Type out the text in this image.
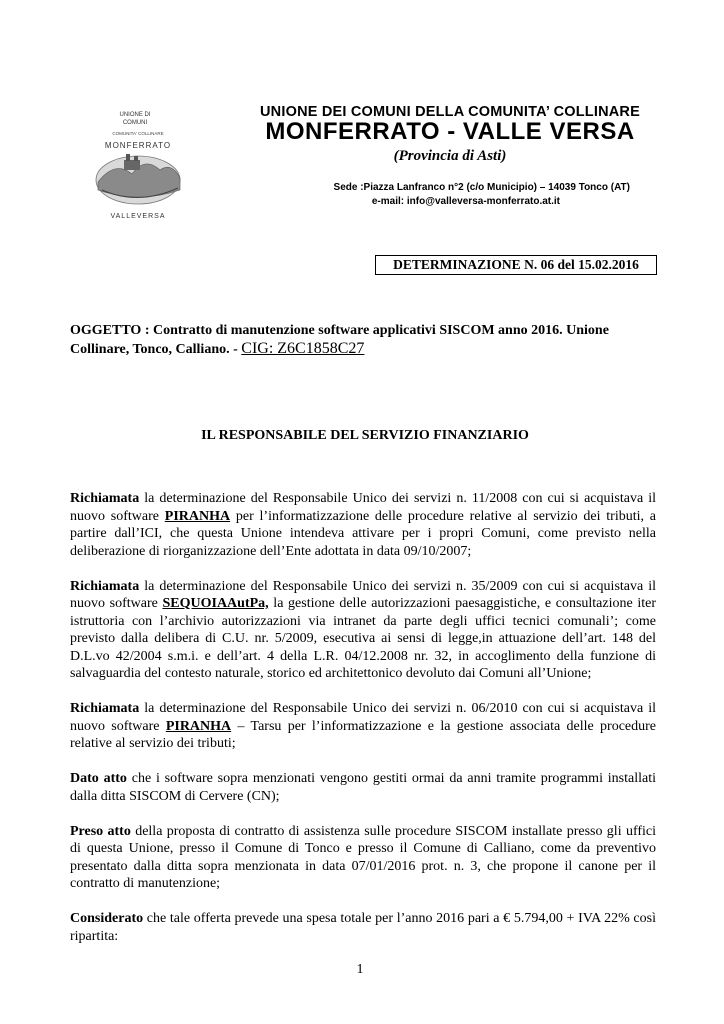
UNIONE DI
COMUNI
COMUNITA' COLLINARE
MONFERRATO
VALLEVERSA
UNIONE DEI COMUNI DELLA COMUNITA’ COLLINARE
MONFERRATO - VALLE VERSA
(Provincia di Asti)
Sede :Piazza Lanfranco n°2 (c/o Municipio) – 14039 Tonco (AT)
e-mail: info@valleversa-monferrato.at.it
DETERMINAZIONE N. 06 del 15.02.2016
OGGETTO : Contratto di manutenzione software applicativi SISCOM anno 2016. Unione Collinare, Tonco, Calliano. - CIG: Z6C1858C27
IL RESPONSABILE DEL SERVIZIO FINANZIARIO

Richiamata la determinazione del Responsabile Unico dei servizi n. 11/2008 con cui si acquistava il nuovo software PIRANHA per l’informatizzazione delle procedure relative al servizio dei tributi, a partire dall’ICI, che questa Unione intendeva attivare per i propri Comuni, come previsto nella deliberazione di riorganizzazione dell’Ente adottata in data 09/10/2007;

Richiamata la determinazione del Responsabile Unico dei servizi n. 35/2009 con cui si acquistava il nuovo software SEQUOIAAutPa, la gestione delle autorizzazioni paesaggistiche, e consultazione iter istruttoria con l’archivio autorizzazioni via intranet da parte degli uffici tecnici comunali’; come previsto dalla delibera di C.U. nr. 5/2009, esecutiva ai sensi di legge,in attuazione dell’art. 148 del D.L.vo 42/2004 s.m.i. e dell’art. 4 della L.R. 04/12.2008 nr. 32, in accoglimento della funzione di salvaguardia del contesto naturale, storico ed architettonico devoluto dai Comuni all’Unione;

Richiamata la determinazione del Responsabile Unico dei servizi n. 06/2010 con cui si acquistava il nuovo software PIRANHA – Tarsu per l’informatizzazione e la gestione associata delle procedure relative al servizio dei tributi;

Dato atto che i software sopra menzionati vengono gestiti ormai da anni tramite programmi installati dalla ditta SISCOM di Cervere (CN);

Preso atto della proposta di contratto di assistenza sulle procedure SISCOM installate presso gli uffici di questa Unione, presso il Comune di Tonco e presso il Comune di Calliano, come da preventivo presentato dalla ditta sopra menzionata in data 07/01/2016 prot. n. 3, che propone il canone per il contratto di manutenzione;

Considerato che tale offerta prevede una spesa totale per l’anno 2016 pari a € 5.794,00 + IVA 22% così ripartita:

1
